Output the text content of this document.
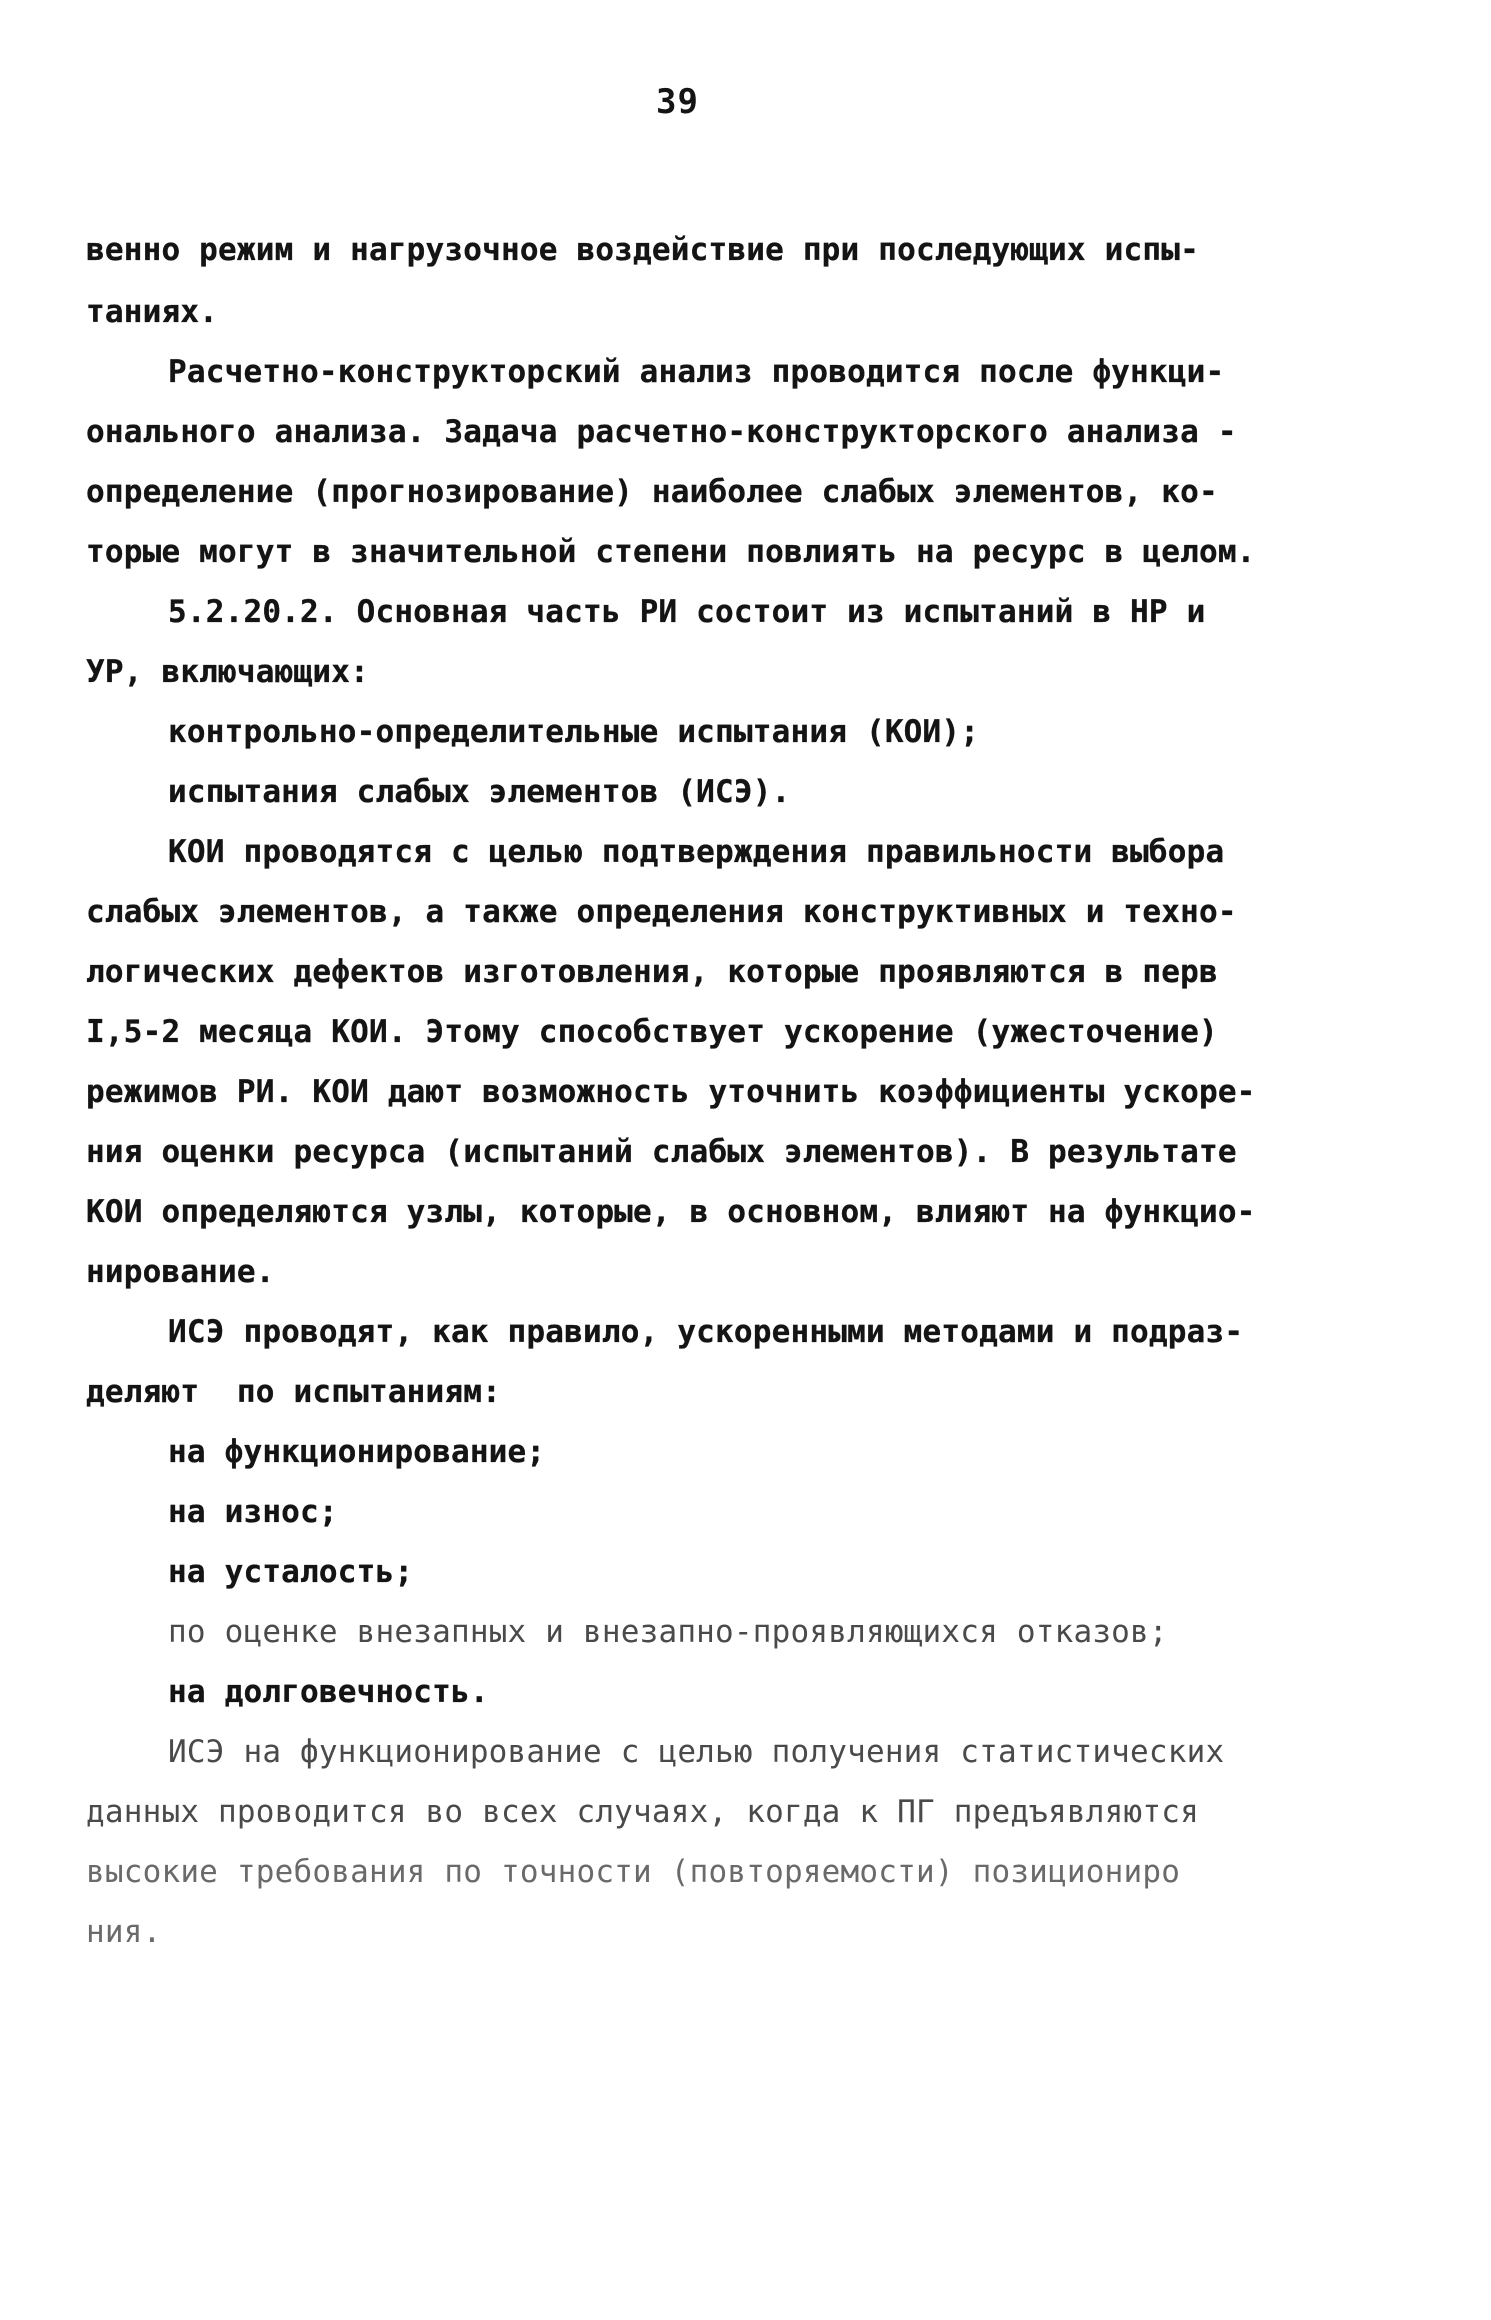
39
венно режим и нагрузочное воздействие при последующих испы-
таниях.
Расчетно-конструкторский анализ проводится после функци-
онального анализа. Задача расчетно-конструкторского анализа -
определение (прогнозирование) наиболее слабых элементов, ко-
торые могут в значительной степени повлиять на ресурс в целом.
5.2.20.2. Основная часть РИ состоит из испытаний в НР и
УР, включающих:
контрольно-определительные испытания (КОИ);
испытания слабых элементов (ИСЭ).
КОИ проводятся с целью подтверждения правильности выбора
слабых элементов, а также определения конструктивных и техно-
логических дефектов изготовления, которые проявляются в перв
I,5-2 месяца КОИ. Этому способствует ускорение (ужесточение)
режимов РИ. КОИ дают возможность уточнить коэффициенты ускоре-
ния оценки ресурса (испытаний слабых элементов). В результате
КОИ определяются узлы, которые, в основном, влияют на функцио-
нирование.
ИСЭ проводят, как правило, ускоренными методами и подраз-
деляют  по испытаниям:
на функционирование;
на износ;
на усталость;
по оценке внезапных и внезапно-проявляющихся отказов;
на долговечность.
ИСЭ на функционирование с целью получения статистических
данных проводится во всех случаях, когда к ПГ предъявляются
высокие требования по точности (повторяемости) позициониро
ния.
